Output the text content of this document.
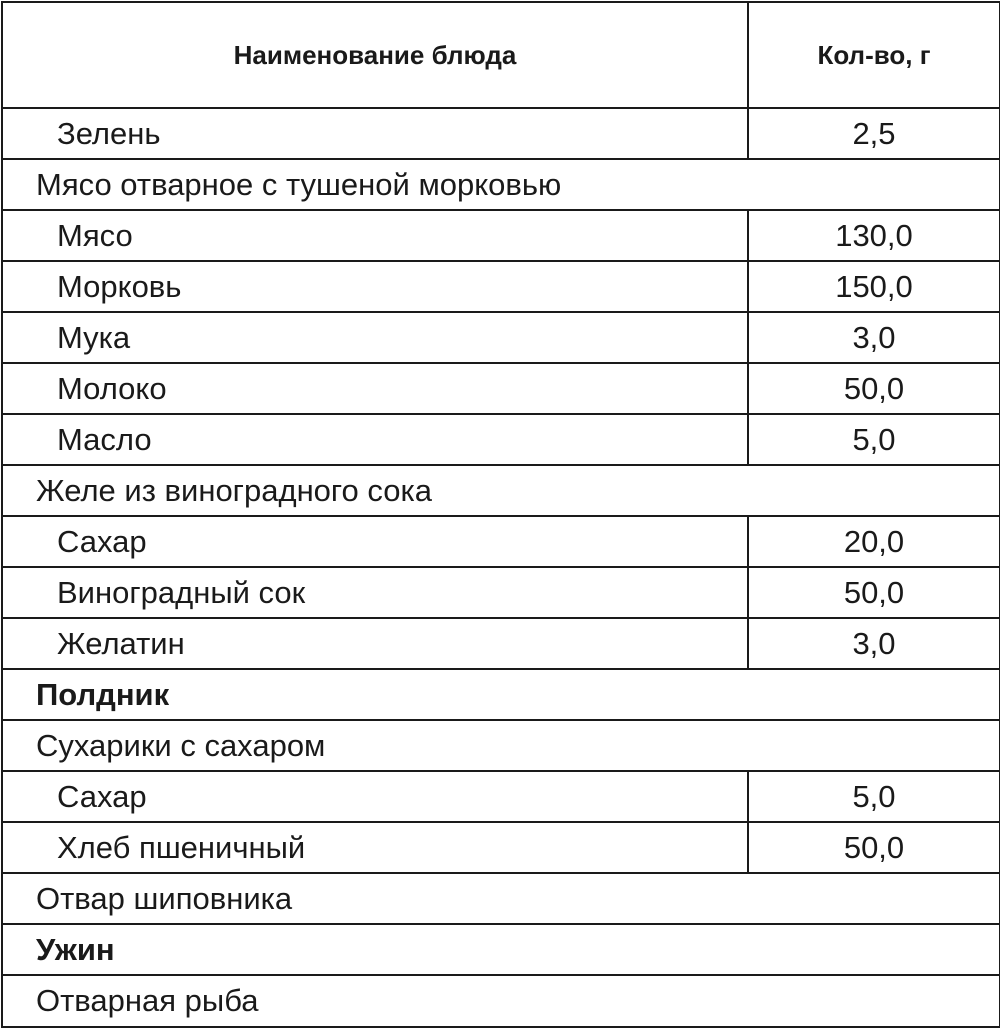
Наименование блюда	Кол-во, г
Зелень	2,5
Мясо отварное с тушеной морковью	
Мясо	130,0
Морковь	150,0
Мука	3,0
Молоко	50,0
Масло	5,0
Желе из виноградного сока	
Сахар	20,0
Виноградный сок	50,0
Желатин	3,0
Полдник	
Сухарики с сахаром	
Сахар	5,0
Хлеб пшеничный	50,0
Отвар шиповника	
Ужин	
Отварная рыба	
